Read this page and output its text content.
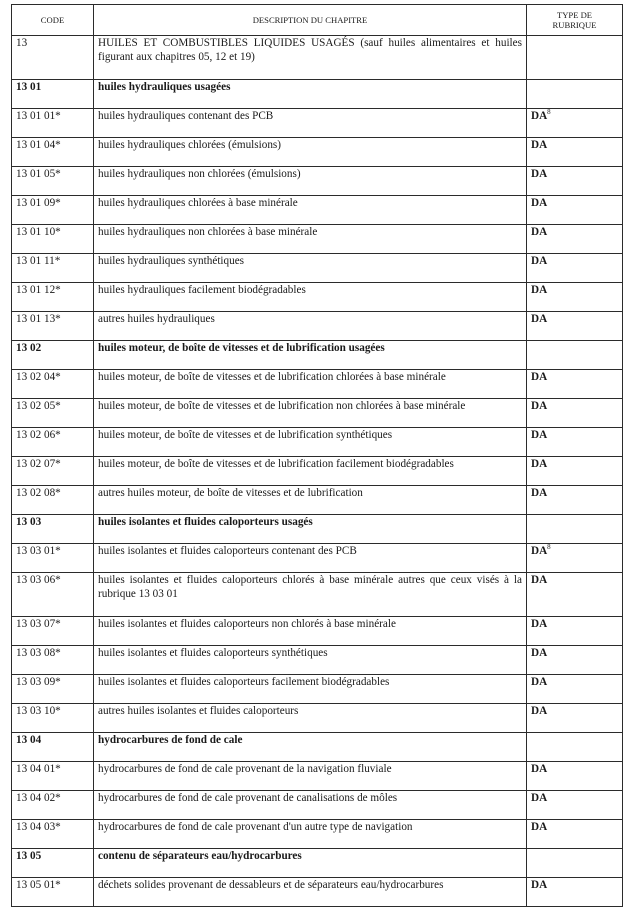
CODE	DESCRIPTION DU CHAPITRE	TYPE DE
RUBRIQUE

13	HUILES ET COMBUSTIBLES LIQUIDES USAGÉS (sauf huiles alimentaires et huiles figurant aux chapitres 05, 12 et 19)	
13 01	huiles hydrauliques usagées	
13 01 01*	huiles hydrauliques contenant des PCB	$DA^8$
13 01 04*	huiles hydrauliques chlorées (émulsions)	DA
13 01 05*	huiles hydrauliques non chlorées (émulsions)	DA
13 01 09*	huiles hydrauliques chlorées à base minérale	DA
13 01 10*	huiles hydrauliques non chlorées à base minérale	DA
13 01 11*	huiles hydrauliques synthétiques	DA
13 01 12*	huiles hydrauliques facilement biodégradables	DA
13 01 13*	autres huiles hydrauliques	DA
13 02	huiles moteur, de boîte de vitesses et de lubrification usagées	
13 02 04*	huiles moteur, de boîte de vitesses et de lubrification chlorées à base minérale	DA
13 02 05*	huiles moteur, de boîte de vitesses et de lubrification non chlorées à base minérale	DA
13 02 06*	huiles moteur, de boîte de vitesses et de lubrification synthétiques	DA
13 02 07*	huiles moteur, de boîte de vitesses et de lubrification facilement biodégradables	DA
13 02 08*	autres huiles moteur, de boîte de vitesses et de lubrification	DA
13 03	huiles isolantes et fluides caloporteurs usagés	
13 03 01*	huiles isolantes et fluides caloporteurs contenant des PCB	$DA^8$
13 03 06*	huiles isolantes et fluides caloporteurs chlorés à base minérale autres que ceux visés à la rubrique 13 03 01	DA
13 03 07*	huiles isolantes et fluides caloporteurs non chlorés à base minérale	DA
13 03 08*	huiles isolantes et fluides caloporteurs synthétiques	DA
13 03 09*	huiles isolantes et fluides caloporteurs facilement biodégradables	DA
13 03 10*	autres huiles isolantes et fluides caloporteurs	DA
13 04	hydrocarbures de fond de cale	
13 04 01*	hydrocarbures de fond de cale provenant de la navigation fluviale	DA
13 04 02*	hydrocarbures de fond de cale provenant de canalisations de môles	DA
13 04 03*	hydrocarbures de fond de cale provenant d'un autre type de navigation	DA
13 05	contenu de séparateurs eau/hydrocarbures	
13 05 01*	déchets solides provenant de dessableurs et de séparateurs eau/hydrocarbures	DA
